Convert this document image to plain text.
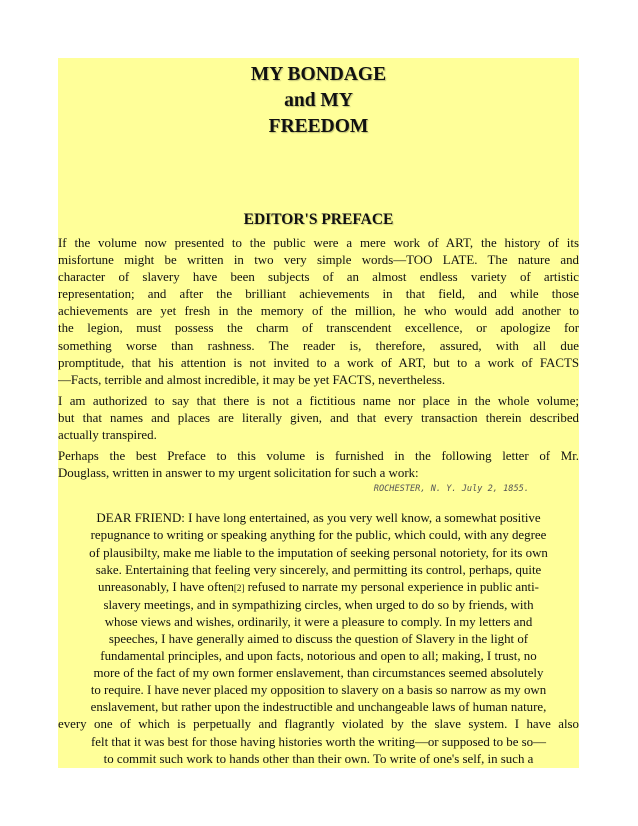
MY BONDAGE
and MY
FREEDOM
EDITOR'S PREFACE
If the volume now presented to the public were a mere work of ART, the history of its
misfortune might be written in two very simple words—TOO LATE. The nature and
character of slavery have been subjects of an almost endless variety of artistic
representation; and after the brilliant achievements in that field, and while those
achievements are yet fresh in the memory of the million, he who would add another to
the legion, must possess the charm of transcendent excellence, or apologize for
something worse than rashness. The reader is, therefore, assured, with all due
promptitude, that his attention is not invited to a work of ART, but to a work of FACTS
—Facts, terrible and almost incredible, it may be yet FACTS, nevertheless.
I am authorized to say that there is not a fictitious name nor place in the whole volume;
but that names and places are literally given, and that every transaction therein described
actually transpired.
Perhaps the best Preface to this volume is furnished in the following letter of Mr.
Douglass, written in answer to my urgent solicitation for such a work:
ROCHESTER, N. Y. July 2, 1855.
DEAR FRIEND: I have long entertained, as you very well know, a somewhat positive
repugnance to writing or speaking anything for the public, which could, with any degree
of plausibilty, make me liable to the imputation of seeking personal notoriety, for its own
sake. Entertaining that feeling very sincerely, and permitting its control, perhaps, quite
unreasonably, I have often[2] refused to narrate my personal experience in public anti-
slavery meetings, and in sympathizing circles, when urged to do so by friends, with
whose views and wishes, ordinarily, it were a pleasure to comply. In my letters and
speeches, I have generally aimed to discuss the question of Slavery in the light of
fundamental principles, and upon facts, notorious and open to all; making, I trust, no
more of the fact of my own former enslavement, than circumstances seemed absolutely
to require. I have never placed my opposition to slavery on a basis so narrow as my own
enslavement, but rather upon the indestructible and unchangeable laws of human nature,
every one of which is perpetually and flagrantly violated by the slave system. I have also
felt that it was best for those having histories worth the writing—or supposed to be so—
to commit such work to hands other than their own. To write of one's self, in such a
